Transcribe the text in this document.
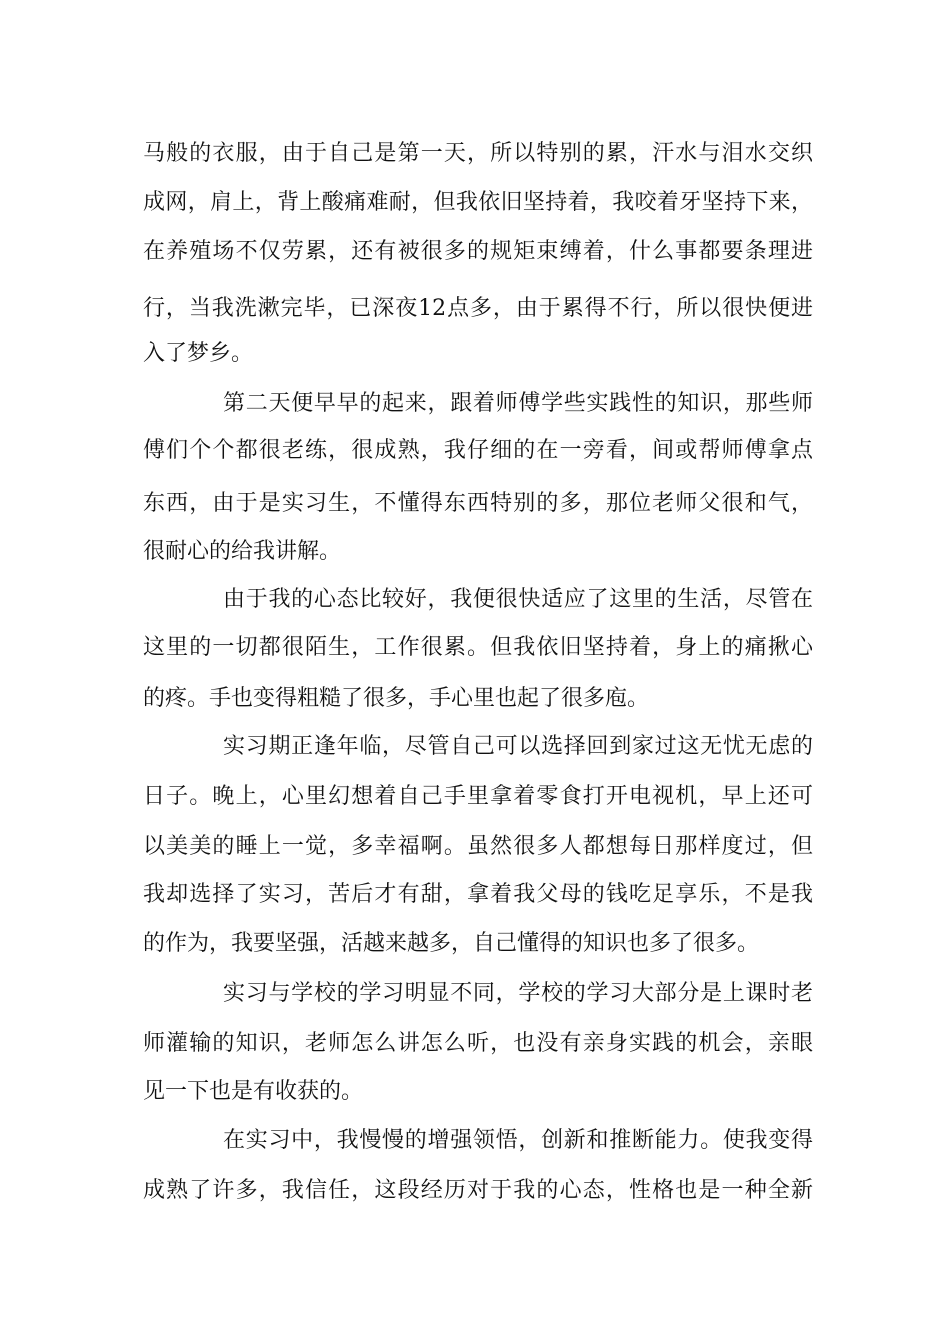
马般的衣服，由于自己是第一天，所以特别的累，汗水与泪水交织
成网，肩上，背上酸痛难耐，但我依旧坚持着，我咬着牙坚持下来，
在养殖场不仅劳累，还有被很多的规矩束缚着，什么事都要条理进
行，当我洗漱完毕，已深夜12点多，由于累得不行，所以很快便进
入了梦乡。
第二天便早早的起来，跟着师傅学些实践性的知识，那些师
傅们个个都很老练，很成熟，我仔细的在一旁看，间或帮师傅拿点
东西，由于是实习生，不懂得东西特别的多，那位老师父很和气，
很耐心的给我讲解。
由于我的心态比较好，我便很快适应了这里的生活，尽管在
这里的一切都很陌生，工作很累。但我依旧坚持着，身上的痛揪心
的疼。手也变得粗糙了很多，手心里也起了很多庖。
实习期正逢年临，尽管自己可以选择回到家过这无忧无虑的
日子。晚上，心里幻想着自己手里拿着零食打开电视机，早上还可
以美美的睡上一觉，多幸福啊。虽然很多人都想每日那样度过，但
我却选择了实习，苦后才有甜，拿着我父母的钱吃足享乐，不是我
的作为，我要坚强，活越来越多，自己懂得的知识也多了很多。
实习与学校的学习明显不同，学校的学习大部分是上课时老
师灌输的知识，老师怎么讲怎么听，也没有亲身实践的机会，亲眼
见一下也是有收获的。
在实习中，我慢慢的增强领悟，创新和推断能力。使我变得
成熟了许多，我信任，这段经历对于我的心态，性格也是一种全新
